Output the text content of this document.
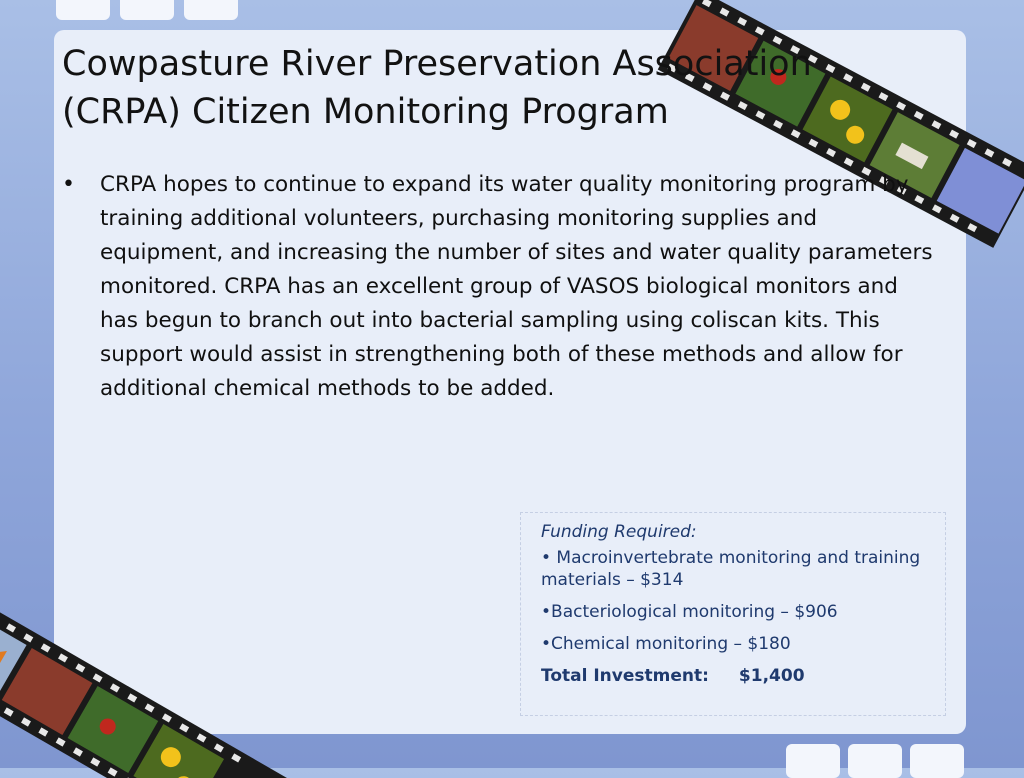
Cowpasture River Preservation Association (CRPA) Citizen Monitoring Program
• CRPA hopes to continue to expand its water quality monitoring program by training additional volunteers, purchasing monitoring supplies and equipment, and increasing the number of sites and water quality parameters monitored. CRPA has an excellent group of VASOS biological monitors and has begun to branch out into bacterial sampling using coliscan kits. This support would assist in strengthening both of these methods and allow for additional chemical methods to be added.

Funding Required:

• Macroinvertebrate monitoring and training materials – $314

•Bacteriological monitoring – $906

•Chemical monitoring – $180

Total Investment: $1,400
